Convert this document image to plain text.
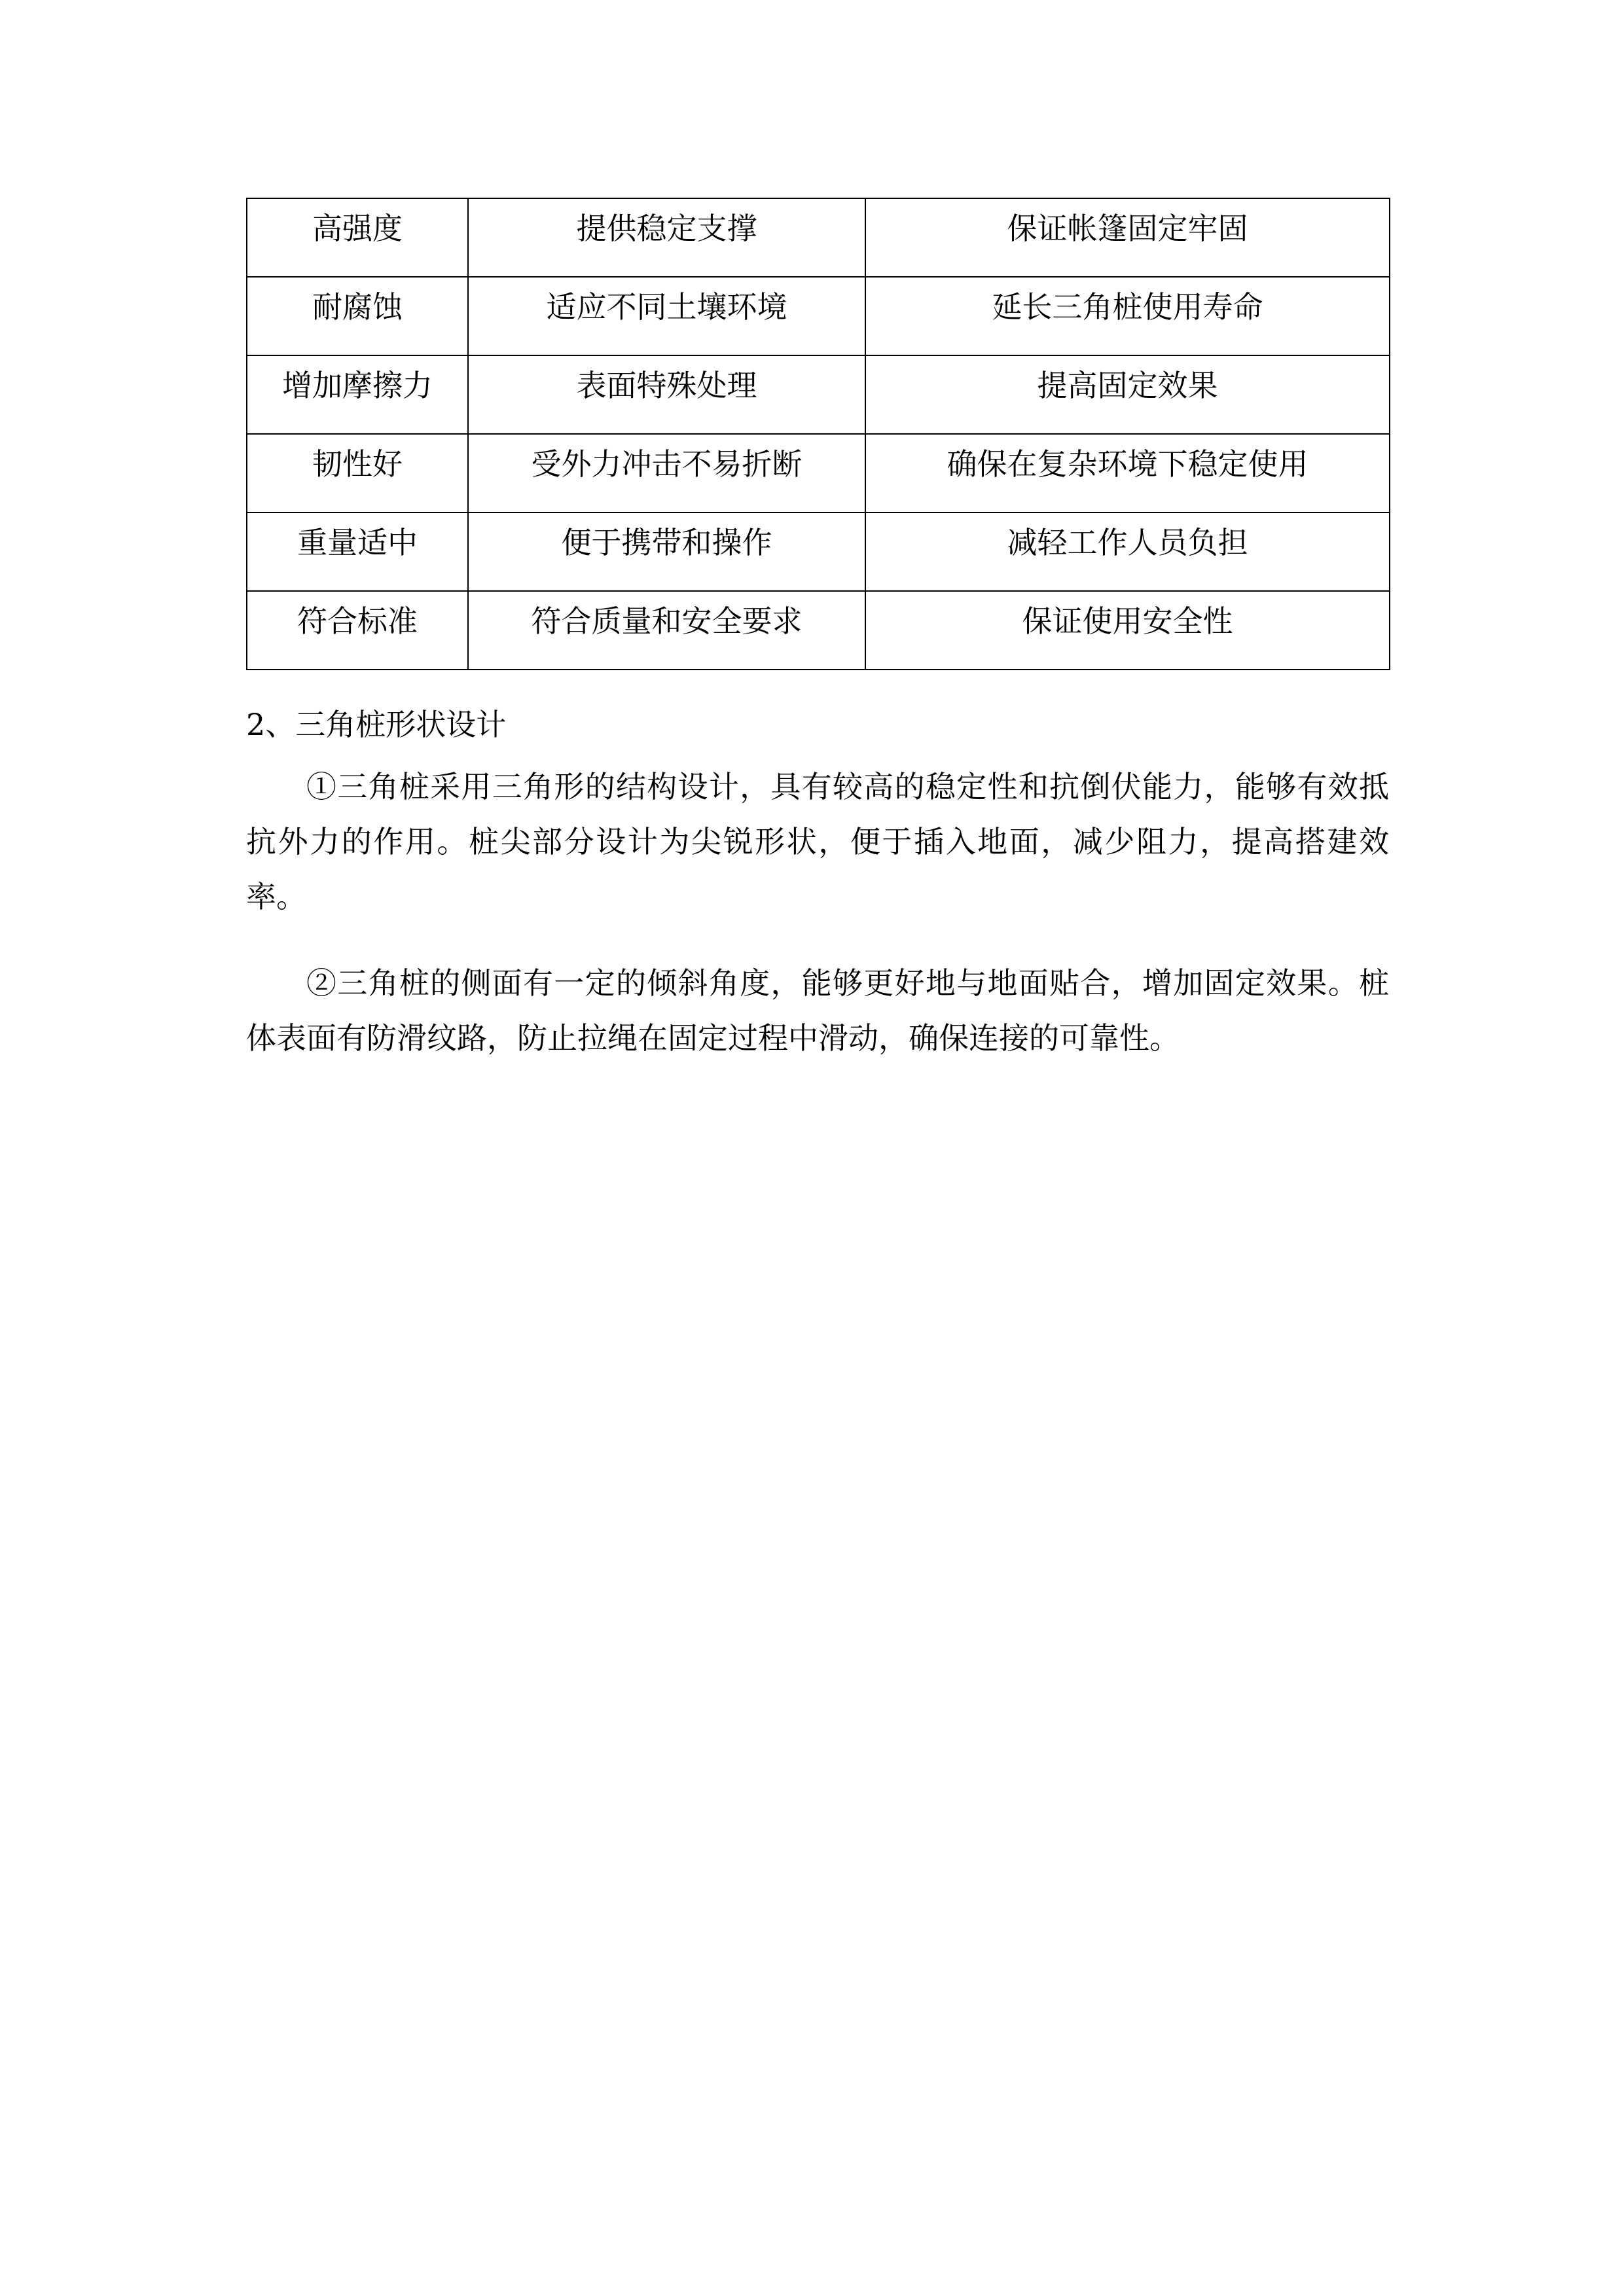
高强度	提供稳定支撑	保证帐篷固定牢固
耐腐蚀	适应不同土壤环境	延长三角桩使用寿命
增加摩擦力	表面特殊处理	提高固定效果
韧性好	受外力冲击不易折断	确保在复杂环境下稳定使用
重量适中	便于携带和操作	减轻工作人员负担
符合标准	符合质量和安全要求	保证使用安全性
2、三角桩形状设计

①三角桩采用三角形的结构设计，具有较高的稳定性和抗倒伏能力，能够有效抵抗外力的作用。桩尖部分设计为尖锐形状，便于插入地面，减少阻力，提高搭建效率。

②三角桩的侧面有一定的倾斜角度，能够更好地与地面贴合，增加固定效果。桩体表面有防滑纹路，防止拉绳在固定过程中滑动，确保连接的可靠性。
